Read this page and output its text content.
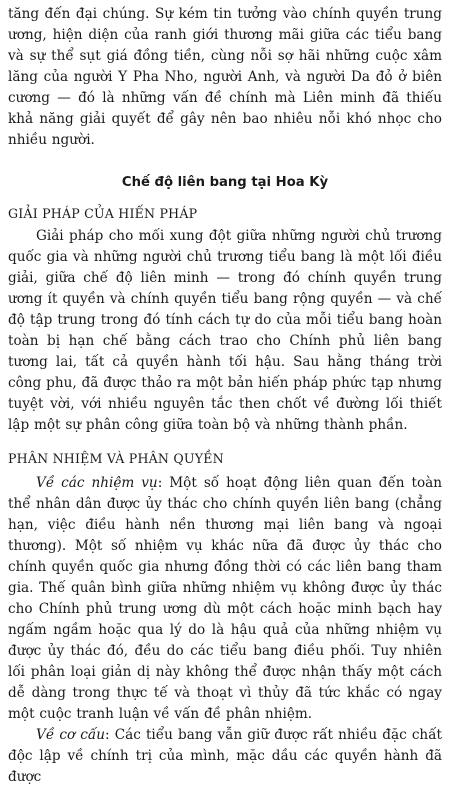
tăng đến đại chúng. Sự kém tin tưởng vào chính quyền trung ương, hiện diện của ranh giới thương mãi giữa các tiểu bang và sự thể sụt giá đồng tiền, cùng nỗi sợ hãi những cuộc xâm lăng của người Y Pha Nho, người Anh, và người Da đỏ ở biên cương — đó là những vấn đề chính mà Liên minh đã thiếu khả năng giải quyết để gây nên bao nhiêu nỗi khó nhọc cho nhiều người.

Chế độ liên bang tại Hoa Kỳ
GIẢI PHÁP CỦA HIẾN PHÁP

Giải pháp cho mối xung đột giữa những người chủ trương quốc gia và những người chủ trương tiểu bang là một lối điều giải, giữa chế độ liên minh — trong đó chính quyền trung ương ít quyền và chính quyền tiểu bang rộng quyền — và chế độ tập trung trong đó tính cách tự do của mỗi tiểu bang hoàn toàn bị hạn chế bằng cách trao cho Chính phủ liên bang tương lai, tất cả quyền hành tối hậu. Sau hằng tháng trời công phu, đã được thảo ra một bản hiến pháp phức tạp nhưng tuyệt vời, với nhiều nguyên tắc then chốt về đường lối thiết lập một sự phân công giữa toàn bộ và những thành phần.

PHÂN NHIỆM VÀ PHÂN QUYỀN

Về các nhiệm vụ: Một số hoạt động liên quan đến toàn thể nhân dân được ủy thác cho chính quyền liên bang (chẳng hạn, việc điều hành nền thương mại liên bang và ngoại thương). Một số nhiệm vụ khác nữa đã được ủy thác cho chính quyền quốc gia nhưng đồng thời có các liên bang tham gia. Thế quân bình giữa những nhiệm vụ không được ủy thác cho Chính phủ trung ương dù một cách hoặc minh bạch hay ngấm ngầm hoặc qua lý do là hậu quả của những nhiệm vụ được ủy thác đó, đều do các tiểu bang điều phối. Tuy nhiên lối phân loại giản dị này không thể được nhận thấy một cách dễ dàng trong thực tế và thoạt vì thủy đã tức khắc có ngay một cuộc tranh luận về vấn đề phân nhiệm.

Về cơ cấu: Các tiểu bang vẫn giữ được rất nhiều đặc chất độc lập về chính trị của mình, mặc dầu các quyền hành đã được
